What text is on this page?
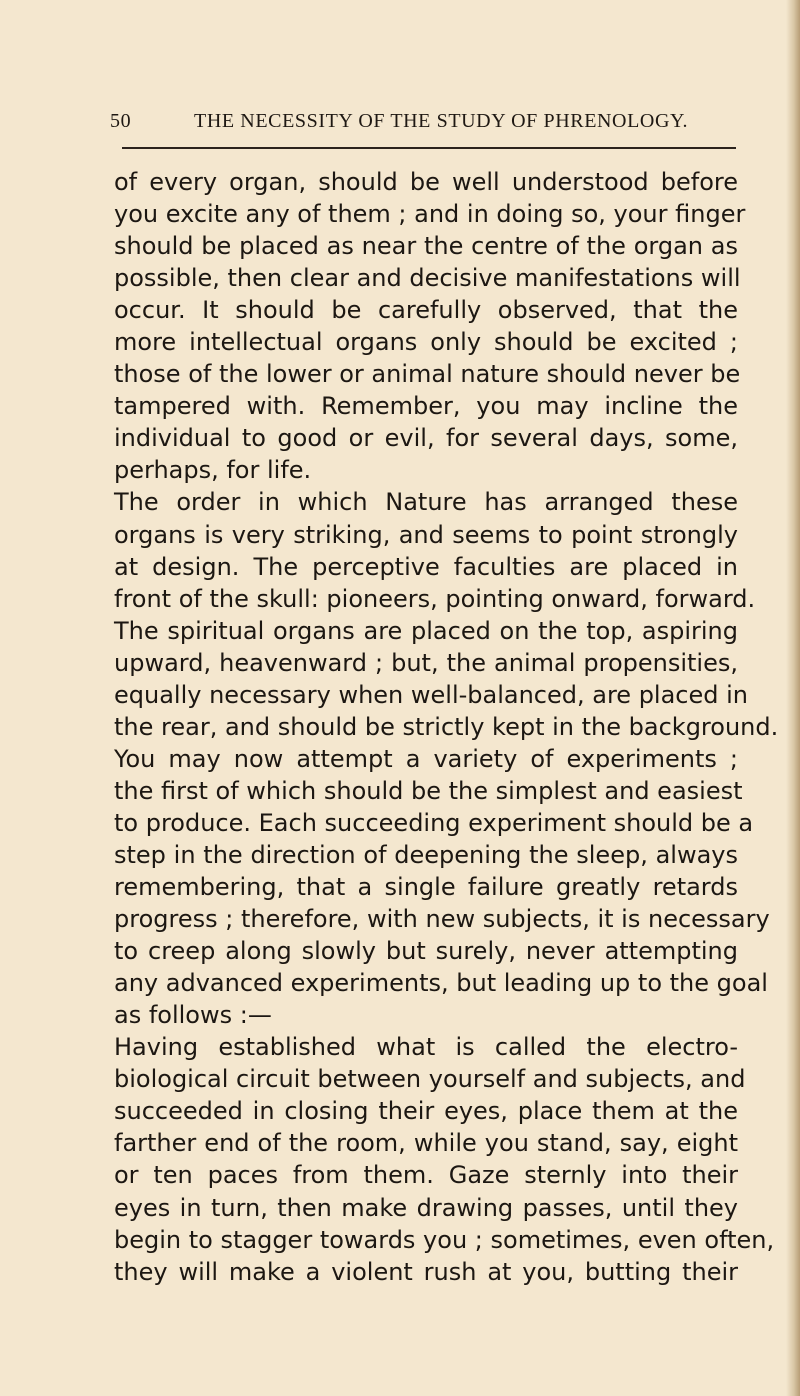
50	THE NECESSITY OF THE STUDY OF PHRENOLOGY.
of every organ, should be well understood before
you excite any of them ; and in doing so, your finger
should be placed as near the centre of the organ as
possible, then clear and decisive manifestations will
occur. It should be carefully observed, that the
more intellectual organs only should be excited ;
those of the lower or animal nature should never be
tampered with. Remember, you may incline the
individual to good or evil, for several days, some,
perhaps, for life.
The order in which Nature has arranged these
organs is very striking, and seems to point strongly
at design. The perceptive faculties are placed in
front of the skull: pioneers, pointing onward, forward.
The spiritual organs are placed on the top, aspiring
upward, heavenward ; but, the animal propensities,
equally necessary when well-balanced, are placed in
the rear, and should be strictly kept in the background.
You may now attempt a variety of experiments ;
the first of which should be the simplest and easiest
to produce. Each succeeding experiment should be a
step in the direction of deepening the sleep, always
remembering, that a single failure greatly retards
progress ; therefore, with new subjects, it is necessary
to creep along slowly but surely, never attempting
any advanced experiments, but leading up to the goal
as follows :—
Having established what is called the electro-
biological circuit between yourself and subjects, and
succeeded in closing their eyes, place them at the
farther end of the room, while you stand, say, eight
or ten paces from them. Gaze sternly into their
eyes in turn, then make drawing passes, until they
begin to stagger towards you ; sometimes, even often,
they will make a violent rush at you, butting their
